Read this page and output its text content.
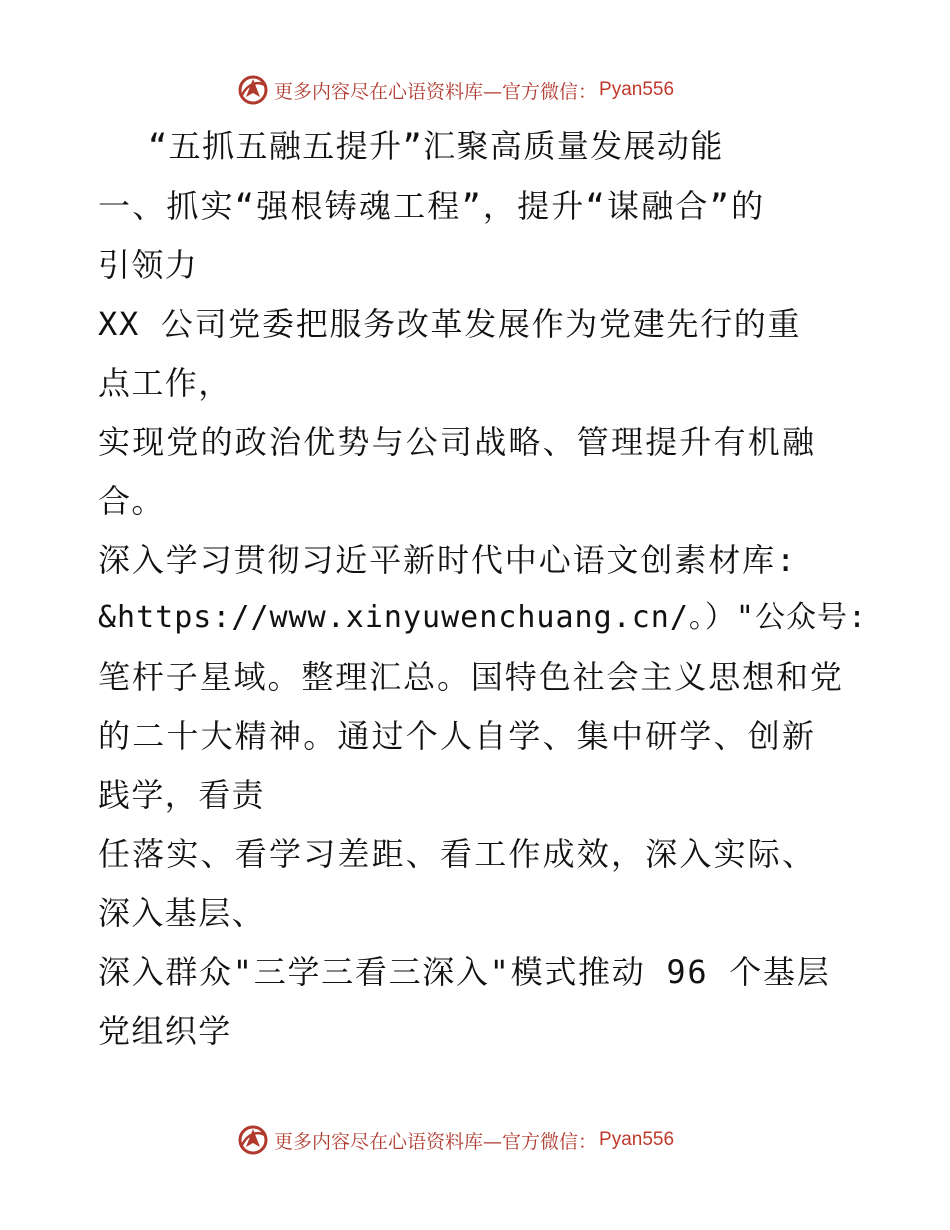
更多内容尽在心语资料库—官方微信： Pyan556
“五抓五融五提升”汇聚高质量发展动能
一、抓实“强根铸魂工程”，提升“谋融合”的
引领力
XX 公司党委把服务改革发展作为党建先行的重
点工作，
实现党的政治优势与公司战略、管理提升有机融
合。
深入学习贯彻习近平新时代中心语文创素材库:
&https://www.xinyuwenchuang.cn/。）"公众号:
笔杆子星域。整理汇总。国特色社会主义思想和党
的二十大精神。通过个人自学、集中研学、创新
践学，看责
任落实、看学习差距、看工作成效，深入实际、
深入基层、
深入群众"三学三看三深入"模式推动 96 个基层
党组织学
更多内容尽在心语资料库—官方微信： Pyan556
